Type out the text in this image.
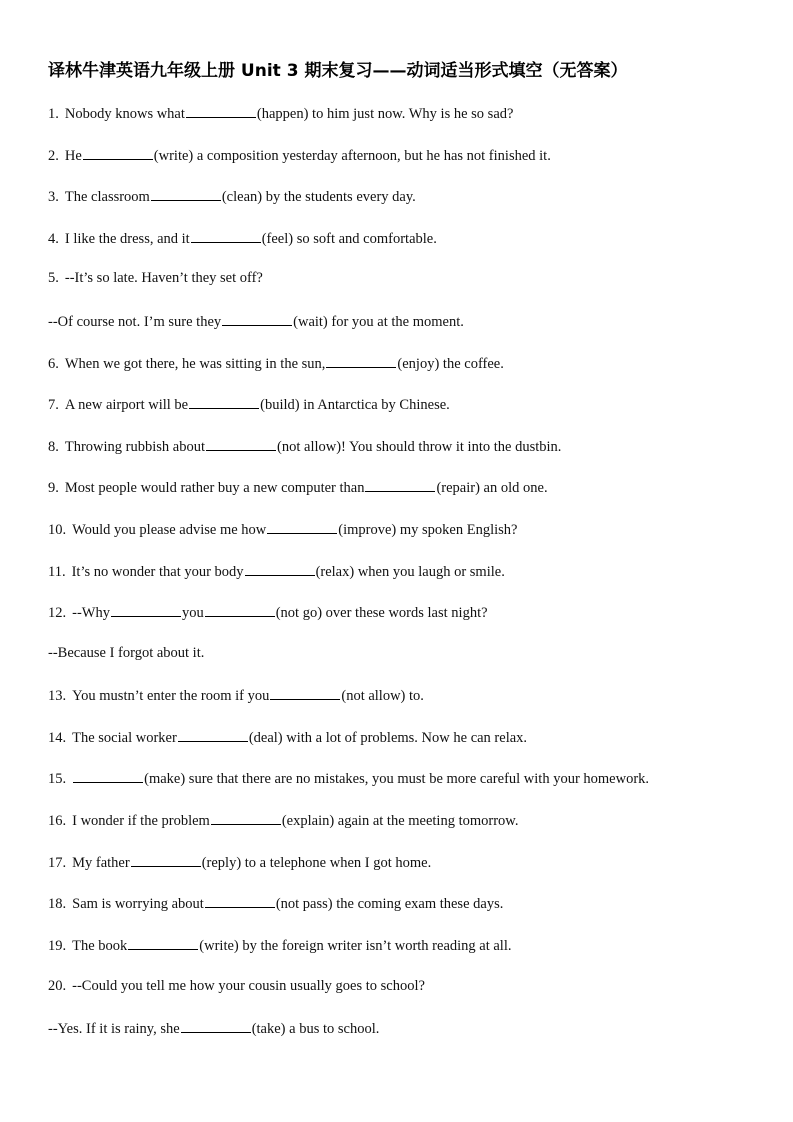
译林牛津英语九年级上册 Unit 3 期末复习——动词适当形式填空（无答案）
1. Nobody knows what	(happen) to him just now. Why is he so sad?
2. He	(write) a composition yesterday afternoon, but he has not finished it.
3. The classroom	(clean) by the students every day.
4. I like the dress, and it	(feel) so soft and comfortable.
5. --It’s so late. Haven’t they set off?
--Of course not. I’m sure they	(wait) for you at the moment.
6. When we got there, he was sitting in the sun,	(enjoy) the coffee.
7. A new airport will be	(build) in Antarctica by Chinese.
8. Throwing rubbish about	(not allow)! You should throw it into the dustbin.
9. Most people would rather buy a new computer than	(repair) an old one.
10. Would you please advise me how	(improve) my spoken English?
11. It’s no wonder that your body	(relax) when you laugh or smile.
12. --Why	you	(not go) over these words last night?
--Because I forgot about it.
13. You mustn’t enter the room if you	(not allow) to.
14. The social worker	(deal) with a lot of problems. Now he can relax.
15.	(make) sure that there are no mistakes, you must be more careful with your homework.
16. I wonder if the problem	(explain) again at the meeting tomorrow.
17. My father	(reply) to a telephone when I got home.
18. Sam is worrying about	(not pass) the coming exam these days.
19. The book	(write) by the foreign writer isn’t worth reading at all.
20. --Could you tell me how your cousin usually goes to school?
--Yes. If it is rainy, she	(take) a bus to school.
